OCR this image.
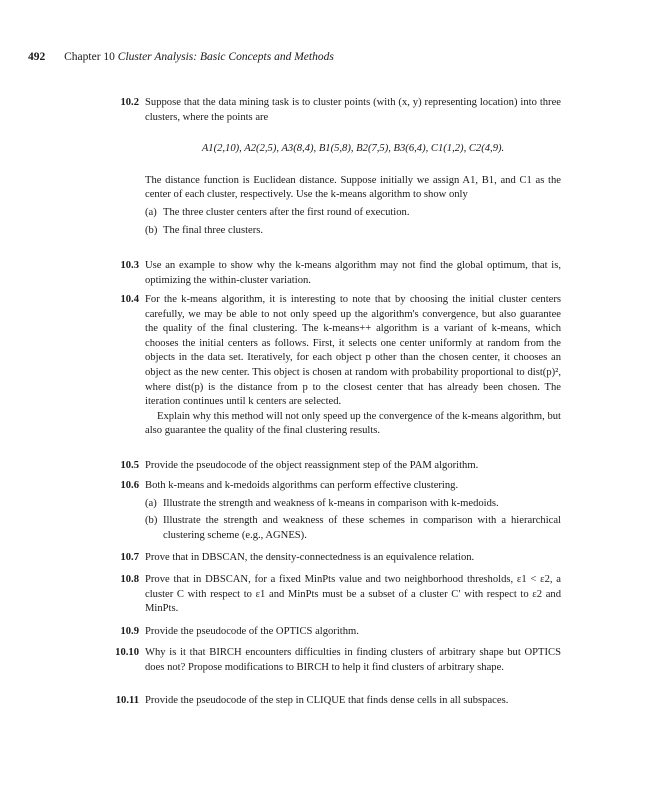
492 Chapter 10 Cluster Analysis: Basic Concepts and Methods
10.2 Suppose that the data mining task is to cluster points (with (x, y) representing location) into three clusters, where the points are

A1(2,10), A2(2,5), A3(8,4), B1(5,8), B2(7,5), B3(6,4), C1(1,2), C2(4,9).

The distance function is Euclidean distance. Suppose initially we assign A1, B1, and C1 as the center of each cluster, respectively. Use the k-means algorithm to show only

(a) The three cluster centers after the first round of execution.
(b) The final three clusters.
10.3 Use an example to show why the k-means algorithm may not find the global optimum, that is, optimizing the within-cluster variation.

10.4 For the k-means algorithm, it is interesting to note that by choosing the initial cluster centers carefully, we may be able to not only speed up the algorithm's convergence, but also guarantee the quality of the final clustering. The k-means++ algorithm is a variant of k-means, which chooses the initial centers as follows. First, it selects one center uniformly at random from the objects in the data set. Iteratively, for each object p other than the chosen center, it chooses an object as the new center. This object is chosen at random with probability proportional to dist(p)², where dist(p) is the distance from p to the closest center that has already been chosen. The iteration continues until k centers are selected.

Explain why this method will not only speed up the convergence of the k-means algorithm, but also guarantee the quality of the final clustering results.

10.5 Provide the pseudocode of the object reassignment step of the PAM algorithm.

10.6 Both k-means and k-medoids algorithms can perform effective clustering.

(a) Illustrate the strength and weakness of k-means in comparison with k-medoids.
(b) Illustrate the strength and weakness of these schemes in comparison with a hierarchical clustering scheme (e.g., AGNES).
10.7 Prove that in DBSCAN, the density-connectedness is an equivalence relation.

10.8 Prove that in DBSCAN, for a fixed MinPts value and two neighborhood thresholds, ε1 < ε2, a cluster C with respect to ε1 and MinPts must be a subset of a cluster C′ with respect to ε2 and MinPts.

10.9 Provide the pseudocode of the OPTICS algorithm.

10.10 Why is it that BIRCH encounters difficulties in finding clusters of arbitrary shape but OPTICS does not? Propose modifications to BIRCH to help it find clusters of arbitrary shape.

10.11 Provide the pseudocode of the step in CLIQUE that finds dense cells in all subspaces.
